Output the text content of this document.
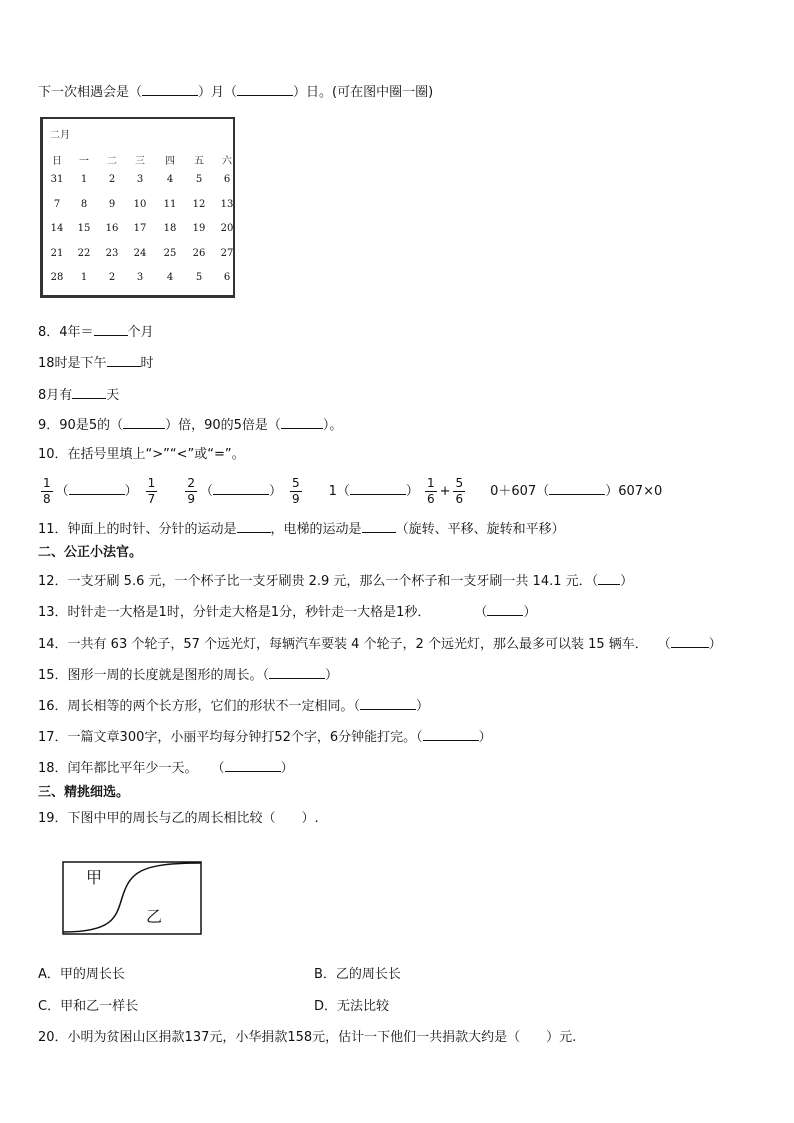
下一次相遇会是（	）月（	）日。(可在图中圈一圈)
二月
日	一	二	三	四	五	六
31	1	2	3	4	5	6
7	8	9	10	11	12	13
14	15	16	17	18	19	20
21	22	23	24	25	26	27
28	1	2	3	4	5	6
8．4年＝	个月
18时是下午	时
8月有	天
9．90是5的（	）倍，90的5倍是（	）。
10．在括号里填上“>”“<”或“=”。
$\frac{1}{8}$ （	） $\frac{1}{7} \frac{2}{9}$ （	） $\frac{5}{9} 1$（	） $\frac{1}{6} + \frac{5}{6} 0+607$（	）607×0
11．钟面上的时针、分针的运动是	，电梯的运动是	（旋转、平移、旋转和平移）
二、公正小法官。
12．一支牙刷 5.6 元，一个杯子比一支牙刷贵 2.9 元，那么一个杯子和一支牙刷一共 14.1 元．（ ）
13．时针走一大格是1时，分针走大格是1分，秒针走一大格是1秒．	（	）
14．一共有 63 个轮子，57 个远光灯，每辆汽车要装 4 个轮子，2 个远光灯，那么最多可以装 15 辆车． （	）
15．图形一周的长度就是图形的周长。（	）
16．周长相等的两个长方形，它们的形状不一定相同。（	）
17．一篇文章300字，小丽平均每分钟打52个字，6分钟能打完。（	）
18．闰年都比平年少一天。 （	）
三、精挑细选。
19．下图中甲的周长与乙的周长相比较（　　）.
甲
乙
A．甲的周长长	B．乙的周长长
C．甲和乙一样长	D．无法比较
20．小明为贫困山区捐款137元，小华捐款158元，估计一下他们一共捐款大约是（　　）元.
